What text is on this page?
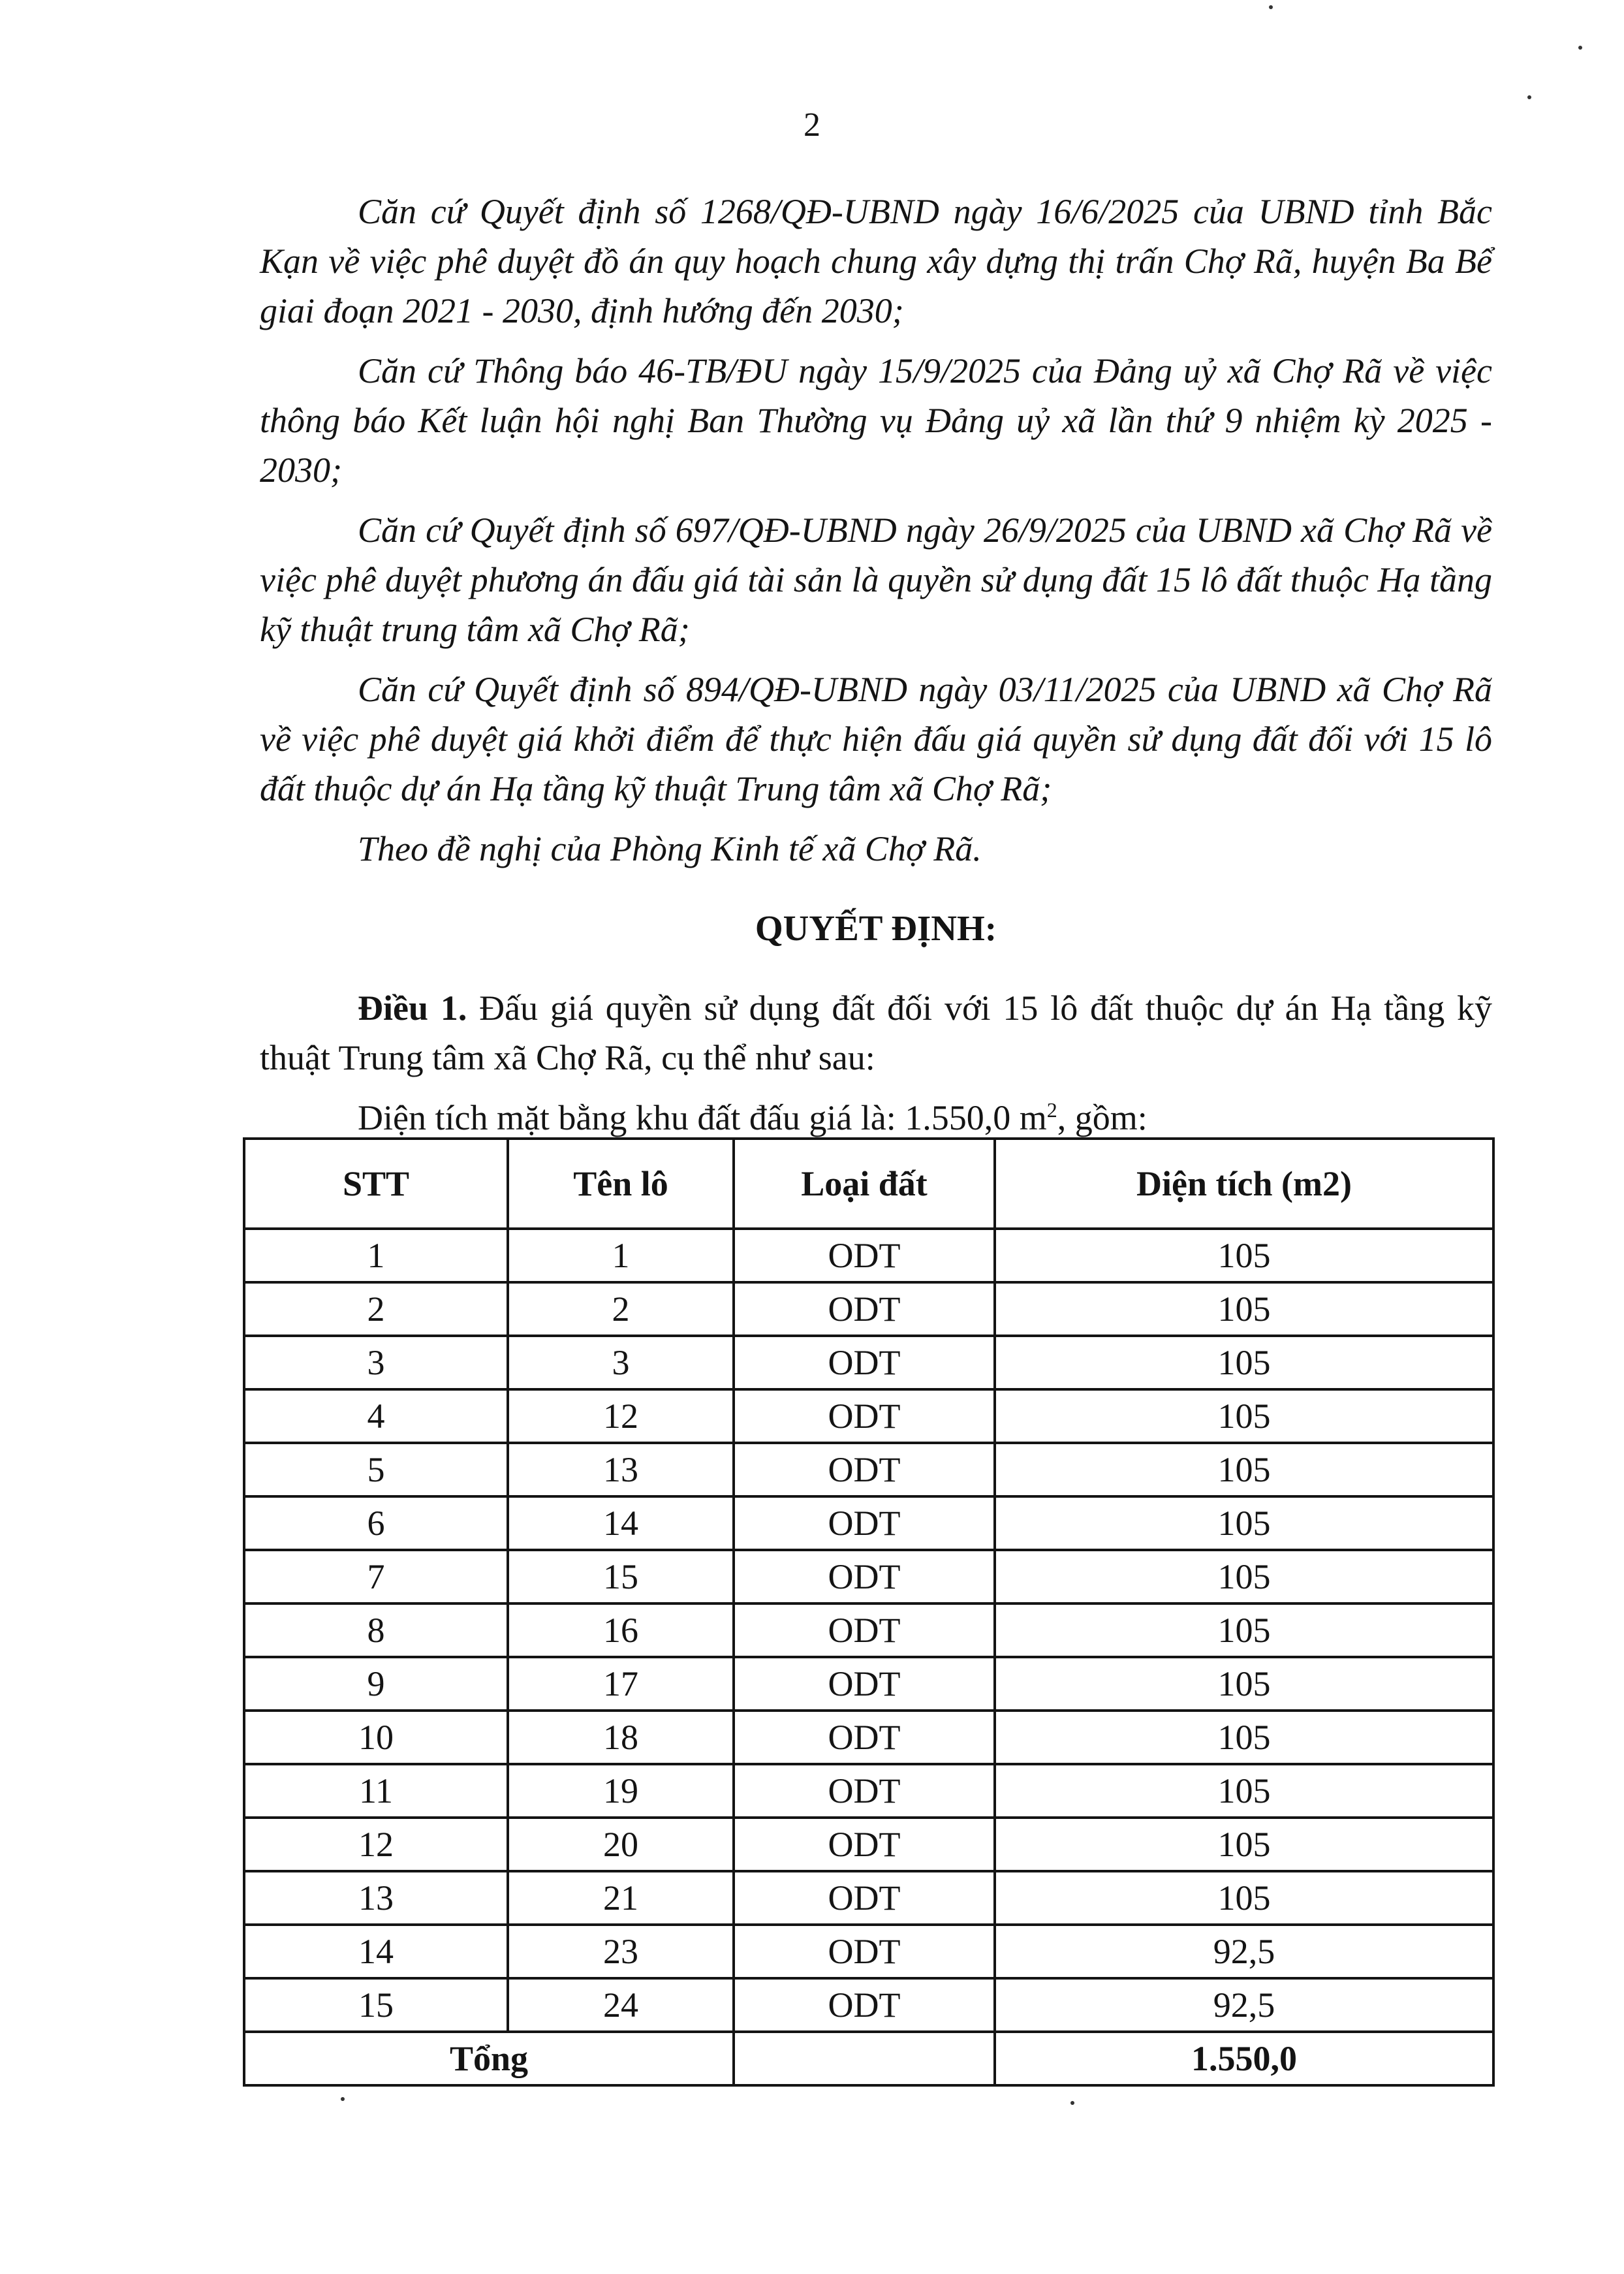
2

Căn cứ Quyết định số 1268/QĐ-UBND ngày 16/6/2025 của UBND tỉnh Bắc Kạn về việc phê duyệt đồ án quy hoạch chung xây dựng thị trấn Chợ Rã, huyện Ba Bể giai đoạn 2021 - 2030, định hướng đến 2030;

Căn cứ Thông báo 46-TB/ĐU ngày 15/9/2025 của Đảng uỷ xã Chợ Rã về việc thông báo Kết luận hội nghị Ban Thường vụ Đảng uỷ xã lần thứ 9 nhiệm kỳ 2025 - 2030;

Căn cứ Quyết định số 697/QĐ-UBND ngày 26/9/2025 của UBND xã Chợ Rã về việc phê duyệt phương án đấu giá tài sản là quyền sử dụng đất 15 lô đất thuộc Hạ tầng kỹ thuật trung tâm xã Chợ Rã;

Căn cứ Quyết định số 894/QĐ-UBND ngày 03/11/2025 của UBND xã Chợ Rã về việc phê duyệt giá khởi điểm để thực hiện đấu giá quyền sử dụng đất đối với 15 lô đất thuộc dự án Hạ tầng kỹ thuật Trung tâm xã Chợ Rã;

Theo đề nghị của Phòng Kinh tế xã Chợ Rã.

QUYẾT ĐỊNH:

Điều 1. Đấu giá quyền sử dụng đất đối với 15 lô đất thuộc dự án Hạ tầng kỹ thuật Trung tâm xã Chợ Rã, cụ thể như sau:

Diện tích mặt bằng khu đất đấu giá là: 1.550,0 $m^2$, gồm:

STT	Tên lô	Loại đất	Diện tích (m2)
1	1	ODT	105
2	2	ODT	105
3	3	ODT	105
4	12	ODT	105
5	13	ODT	105
6	14	ODT	105
7	15	ODT	105
8	16	ODT	105
9	17	ODT	105
10	18	ODT	105
11	19	ODT	105
12	20	ODT	105
13	21	ODT	105
14	23	ODT	92,5
15	24	ODT	92,5
Tổng			1.550,0
